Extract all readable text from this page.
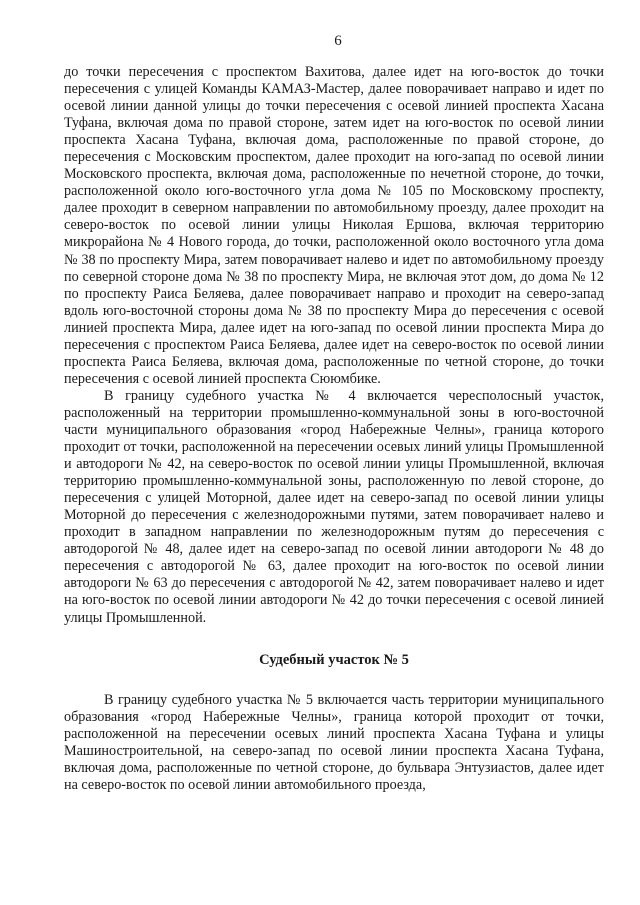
6

до точки пересечения с проспектом Вахитова, далее идет на юго-восток до точки пересечения с улицей Команды КАМАЗ-Мастер, далее поворачивает направо и идет по осевой линии данной улицы до точки пересечения с осевой линией проспекта Хасана Туфана, включая дома по правой стороне, затем идет на юго-восток по осевой линии проспекта Хасана Туфана, включая дома, расположенные по правой стороне, до пересечения с Московским проспектом, далее проходит на юго-запад по осевой линии Московского проспекта, включая дома, расположенные по нечетной стороне, до точки, расположенной около юго-восточного угла дома № 105 по Московскому проспекту, далее проходит в северном направлении по автомобильному проезду, далее проходит на северо-восток по осевой линии улицы Николая Ершова, включая территорию микрорайона № 4 Нового города, до точки, расположенной около восточного угла дома № 38 по проспекту Мира, затем поворачивает налево и идет по автомобильному проезду по северной стороне дома № 38 по проспекту Мира, не включая этот дом, до дома № 12 по проспекту Раиса Беляева, далее поворачивает направо и проходит на северо-запад вдоль юго-восточной стороны дома № 38 по проспекту Мира до пересечения с осевой линией проспекта Мира, далее идет на юго-запад по осевой линии проспекта Мира до пересечения с проспектом Раиса Беляева, далее идет на северо-восток по осевой линии проспекта Раиса Беляева, включая дома, расположенные по четной стороне, до точки пересечения с осевой линией проспекта Сююмбике.

В границу судебного участка № 4 включается чересполосный участок, расположенный на территории промышленно-коммунальной зоны в юго-восточной части муниципального образования «город Набережные Челны», граница которого проходит от точки, расположенной на пересечении осевых линий улицы Промышленной и автодороги № 42, на северо-восток по осевой линии улицы Промышленной, включая территорию промышленно-коммунальной зоны, расположенную по левой стороне, до пересечения с улицей Моторной, далее идет на северо-запад по осевой линии улицы Моторной до пересечения с железнодорожными путями, затем поворачивает налево и проходит в западном направлении по железнодорожным путям до пересечения с автодорогой № 48, далее идет на северо-запад по осевой линии автодороги № 48 до пересечения с автодорогой № 63, далее проходит на юго-восток по осевой линии автодороги № 63 до пересечения с автодорогой № 42, затем поворачивает налево и идет на юго-восток по осевой линии автодороги № 42 до точки пересечения с осевой линией улицы Промышленной.

Судебный участок № 5

В границу судебного участка № 5 включается часть территории муниципального образования «город Набережные Челны», граница которой проходит от точки, расположенной на пересечении осевых линий проспекта Хасана Туфана и улицы Машиностроительной, на северо-запад по осевой линии проспекта Хасана Туфана, включая дома, расположенные по четной стороне, до бульвара Энтузиастов, далее идет на северо-восток по осевой линии автомобильного проезда,
